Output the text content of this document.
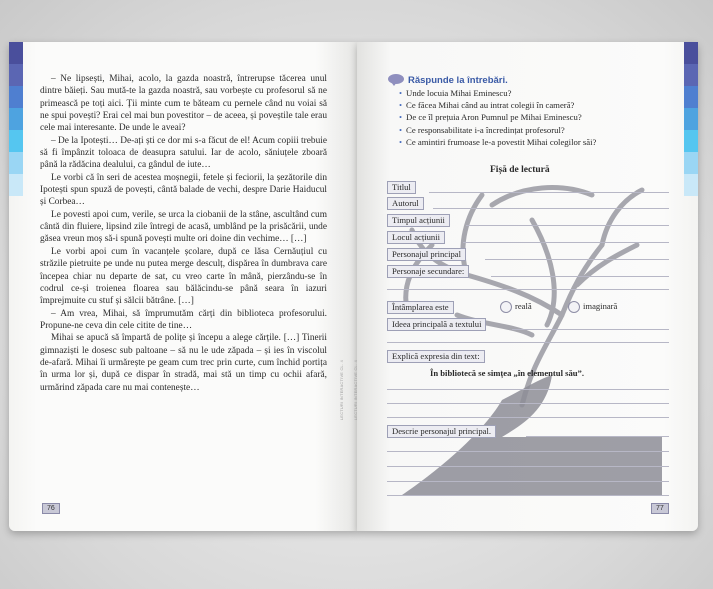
– Ne lipsești, Mihai, acolo, la gazda noastră, întrerupse tăcerea unul dintre băieți. Sau mută-te la gazda noastră, sau vorbește cu profesorul să ne primească pe toți aici. Ții minte cum te băteam cu pernele când nu voiai să ne spui povești? Erai cel mai bun povestitor – de aceea, și poveștile tale erau cele mai interesante. De unde le aveai?

– De la Ipotești… De-ați ști ce dor mi s-a făcut de el! Acum copiii trebuie să fi împânzit toloaca de deasupra satului. Iar de acolo, săniuțele zboară până la rădăcina dealului, ca gândul de iute…

Le vorbi că în seri de acestea moșnegii, fetele și feciorii, la șezătorile din Ipotești spun spuză de povești, cântă balade de vechi, despre Darie Haiducul și Corbea…

Le povesti apoi cum, verile, se urca la ciobanii de la stâne, ascultând cum cântă din fluiere, lipsind zile întregi de acasă, umblând pe la prisăcării, unde găsea vreun moș să-i spună povești multe ori doine din vechime… […]

Le vorbi apoi cum în vacanțele școlare, după ce lăsa Cernăuțiul cu străzile pietruite pe unde nu putea merge desculț, dispărea în dumbrava care începea chiar nu departe de sat, cu vreo carte în mână, pierzându-se în codrul ce-și troienea floarea sau bălăcindu-se până seara în iazuri împrejmuite cu stuf și sălcii bătrâne. […]

– Am vrea, Mihai, să împrumutăm cărți din biblioteca profesorului. Propune-ne ceva din cele citite de tine…

Mihai se apucă să împartă de polițe și începu a alege cărțile. […] Tinerii gimnaziști le dosesc sub paltoane – să nu le ude zăpada – și ies în viscolul de-afară. Mihai îi urmărește pe geam cum trec prin curte, cum închid portița în urma lor și, după ce dispar în stradă, mai stă un timp cu ochii afară, urmărind zăpada care nu mai contenește…

76
LECTURI INTERACTIVE CL. 4	LECTURI INTERACTIVE CL. 4
Răspunde la întrebări.
• Unde locuia Mihai Eminescu?
• Ce făcea Mihai când au intrat colegii în cameră?
• De ce îl prețuia Aron Pumnul pe Mihai Eminescu?
• Ce responsabilitate i-a încredințat profesorul?
• Ce amintiri frumoase le-a povestit Mihai colegilor săi?
Fișă de lectură
Titlul
Autorul
Timpul acțiunii
Locul acțiunii
Personajul principal
Personaje secundare:
Întâmplarea este	reală	imaginară
Ideea principală a textului
Explică expresia din text:
În bibliotecă se simțea „în elementul său”.
Descrie personajul principal.
77
